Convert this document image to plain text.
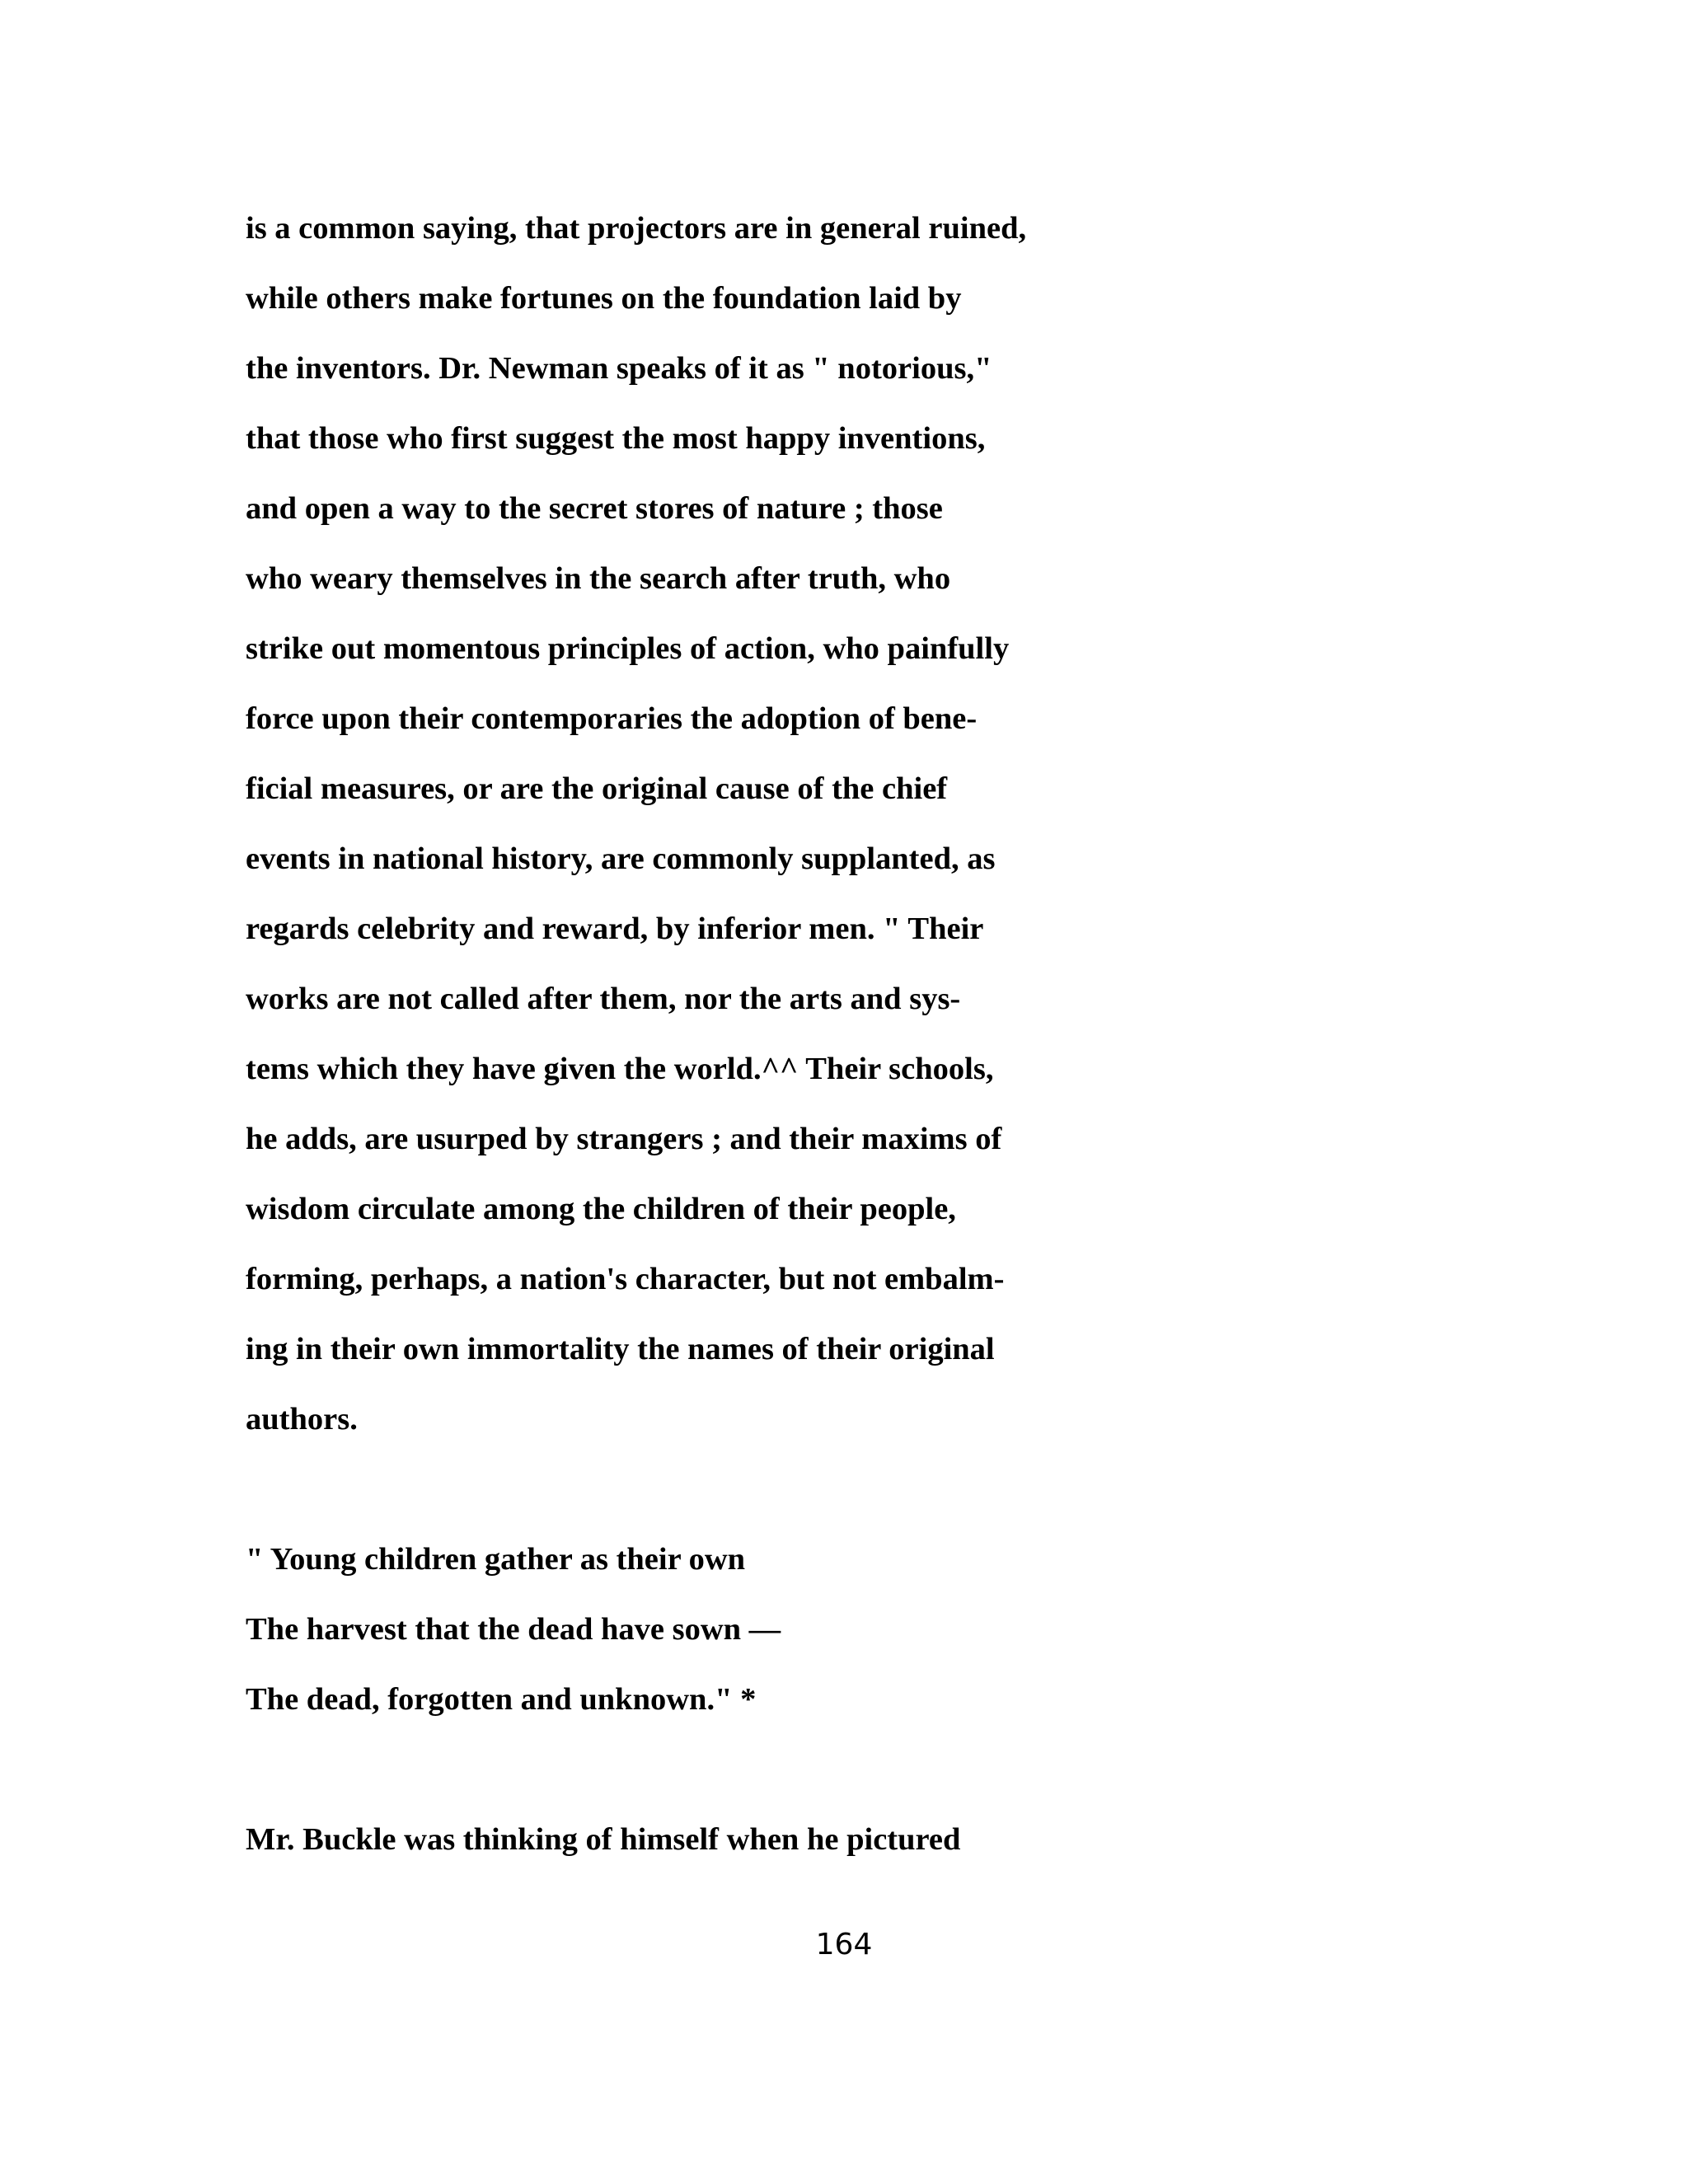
is a common saying, that projectors are in general ruined,

while others make fortunes on the foundation laid by

the inventors. Dr. Newman speaks of it as " notorious,"

that those who first suggest the most happy inventions,

and open a way to the secret stores of nature ; those

who weary themselves in the search after truth, who

strike out momentous principles of action, who painfully

force upon their contemporaries the adoption of bene-

ficial measures, or are the original cause of the chief

events in national history, are commonly supplanted, as

regards celebrity and reward, by inferior men. " Their

works are not called after them, nor the arts and sys-

tems which they have given the world.^^ Their schools,

he adds, are usurped by strangers ; and their maxims of

wisdom circulate among the children of their people,

forming, perhaps, a nation's character, but not embalm-

ing in their own immortality the names of their original

authors.

" Young children gather as their own

The harvest that the dead have sown —

The dead, forgotten and unknown." *

Mr. Buckle was thinking of himself when he pictured

164
